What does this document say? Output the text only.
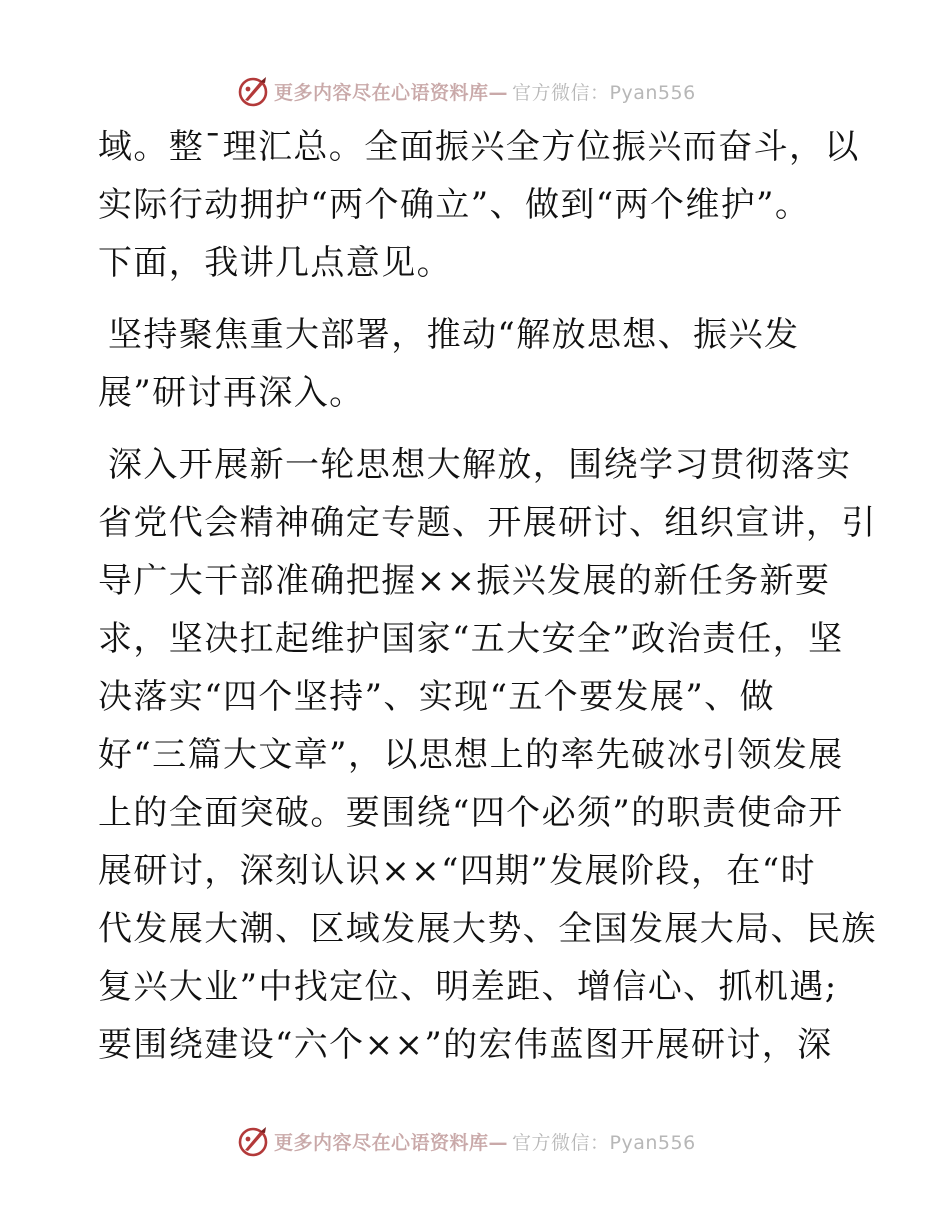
更多内容尽在心语资料库— 官方微信：Pyan556
域。整¯理汇总。全面振兴全方位振兴而奋斗，以
实际行动拥护“两个确立”、做到“两个维护”。
下面，我讲几点意见。
坚持聚焦重大部署，推动“解放思想、振兴发
展”研讨再深入。
深入开展新一轮思想大解放，围绕学习贯彻落实
省党代会精神确定专题、开展研讨、组织宣讲，引
导广大干部准确把握××振兴发展的新任务新要
求，坚决扛起维护国家“五大安全”政治责任，坚
决落实“四个坚持”、实现“五个要发展”、做
好“三篇大文章”，以思想上的率先破冰引领发展
上的全面突破。要围绕“四个必须”的职责使命开
展研讨，深刻认识××“四期”发展阶段，在“时
代发展大潮、区域发展大势、全国发展大局、民族
复兴大业”中找定位、明差距、增信心、抓机遇;
要围绕建设“六个××”的宏伟蓝图开展研讨，深
更多内容尽在心语资料库— 官方微信：Pyan556
